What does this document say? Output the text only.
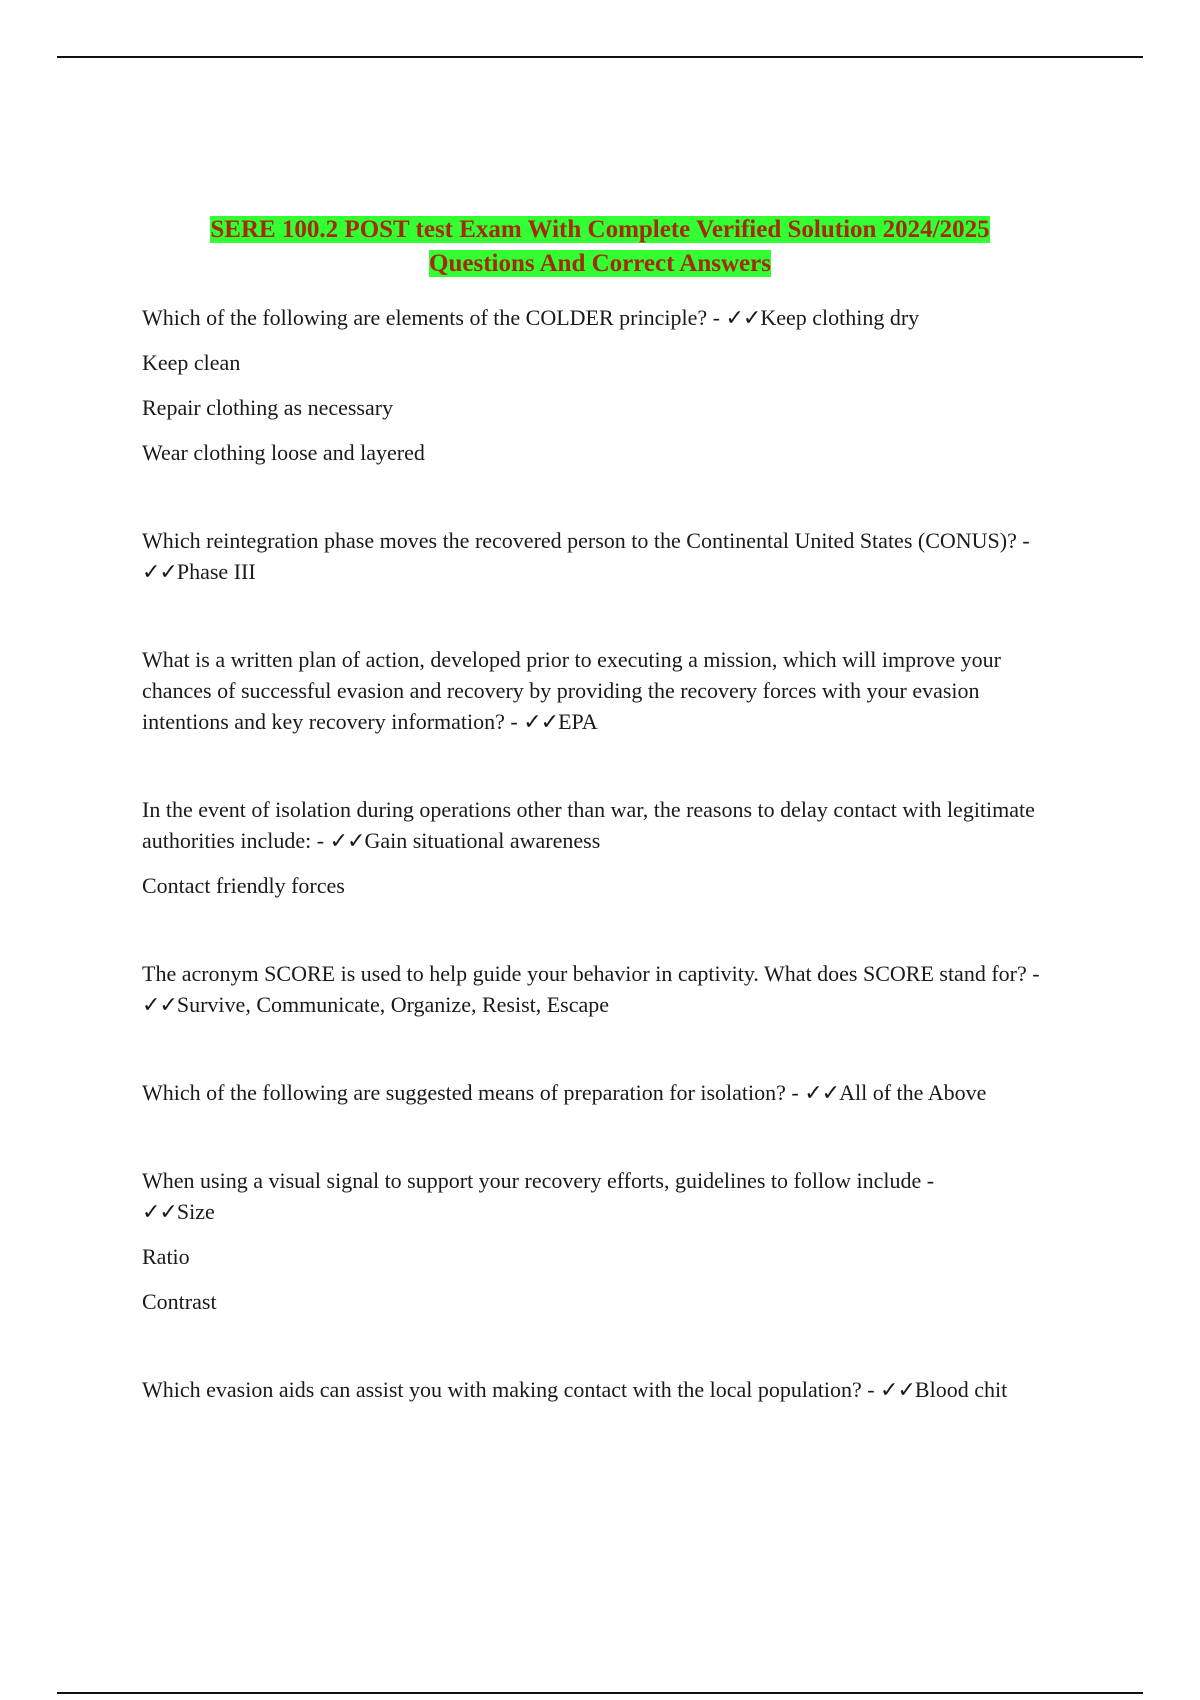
SERE 100.2 POST test Exam With Complete Verified Solution 2024/2025
Questions And Correct Answers

Which of the following are elements of the COLDER principle? - ✓✓Keep clothing dry

Keep clean

Repair clothing as necessary

Wear clothing loose and layered

Which reintegration phase moves the recovered person to the Continental United States (CONUS)? - ✓✓Phase III

What is a written plan of action, developed prior to executing a mission, which will improve your chances of successful evasion and recovery by providing the recovery forces with your evasion intentions and key recovery information? - ✓✓EPA

In the event of isolation during operations other than war, the reasons to delay contact with legitimate authorities include: - ✓✓Gain situational awareness

Contact friendly forces

The acronym SCORE is used to help guide your behavior in captivity. What does SCORE stand for? - ✓✓Survive, Communicate, Organize, Resist, Escape

Which of the following are suggested means of preparation for isolation? - ✓✓All of the Above

When using a visual signal to support your recovery efforts, guidelines to follow include -
✓✓Size

Ratio

Contrast

Which evasion aids can assist you with making contact with the local population? - ✓✓Blood chit
